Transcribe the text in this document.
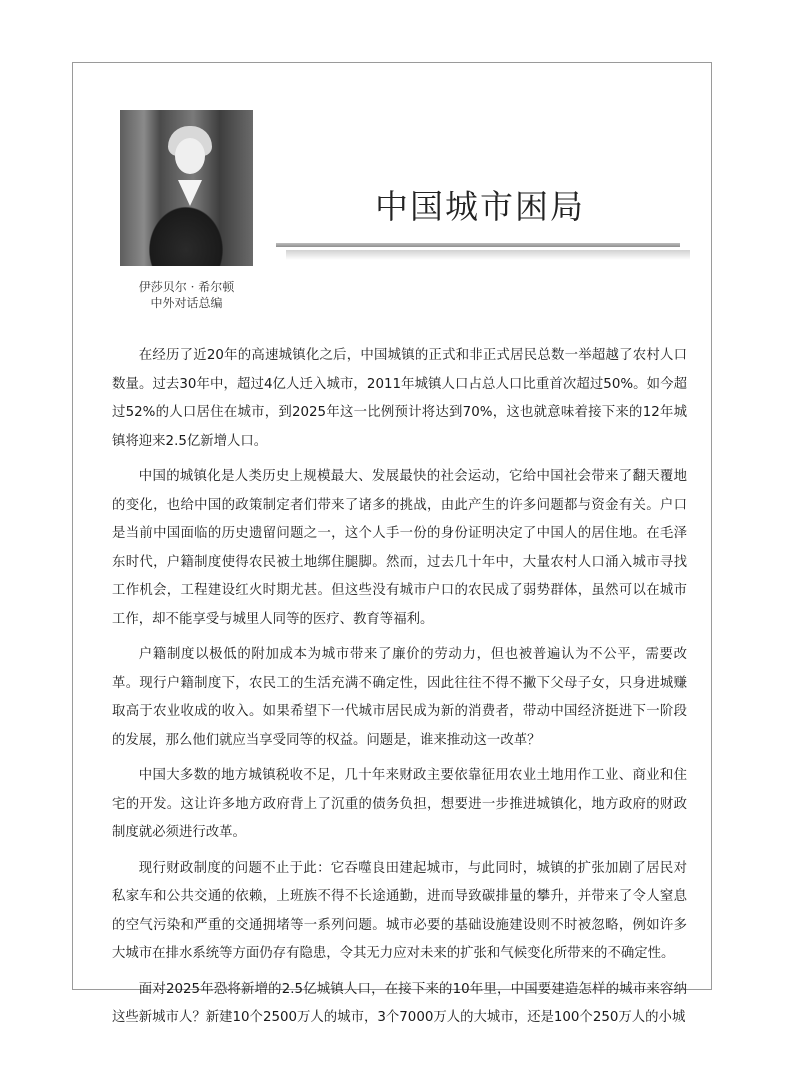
伊莎贝尔 · 希尔顿
中外对话总编
中国城市困局

在经历了近20年的高速城镇化之后，中国城镇的正式和非正式居民总数一举超越了农村人口数量。过去30年中，超过4亿人迁入城市，2011年城镇人口占总人口比重首次超过50%。如今超过52%的人口居住在城市，到2025年这一比例预计将达到70%，这也就意味着接下来的12年城镇将迎来2.5亿新增人口。

中国的城镇化是人类历史上规模最大、发展最快的社会运动，它给中国社会带来了翻天覆地的变化，也给中国的政策制定者们带来了诸多的挑战，由此产生的许多问题都与资金有关。户口是当前中国面临的历史遗留问题之一，这个人手一份的身份证明决定了中国人的居住地。在毛泽东时代，户籍制度使得农民被土地绑住腿脚。然而，过去几十年中，大量农村人口涌入城市寻找工作机会，工程建设红火时期尤甚。但这些没有城市户口的农民成了弱势群体，虽然可以在城市工作，却不能享受与城里人同等的医疗、教育等福利。

户籍制度以极低的附加成本为城市带来了廉价的劳动力，但也被普遍认为不公平，需要改革。现行户籍制度下，农民工的生活充满不确定性，因此往往不得不撇下父母子女，只身进城赚取高于农业收成的收入。如果希望下一代城市居民成为新的消费者，带动中国经济挺进下一阶段的发展，那么他们就应当享受同等的权益。问题是，谁来推动这一改革？

中国大多数的地方城镇税收不足，几十年来财政主要依靠征用农业土地用作工业、商业和住宅的开发。这让许多地方政府背上了沉重的债务负担，想要进一步推进城镇化，地方政府的财政制度就必须进行改革。

现行财政制度的问题不止于此：它吞噬良田建起城市，与此同时，城镇的扩张加剧了居民对私家车和公共交通的依赖，上班族不得不长途通勤，进而导致碳排量的攀升，并带来了令人窒息的空气污染和严重的交通拥堵等一系列问题。城市必要的基础设施建设则不时被忽略，例如许多大城市在排水系统等方面仍存有隐患，令其无力应对未来的扩张和气候变化所带来的不确定性。

面对2025年恐将新增的2.5亿城镇人口，在接下来的10年里，中国要建造怎样的城市来容纳这些新城市人？新建10个2500万人的城市，3个7000万人的大城市，还是100个250万人的小城
